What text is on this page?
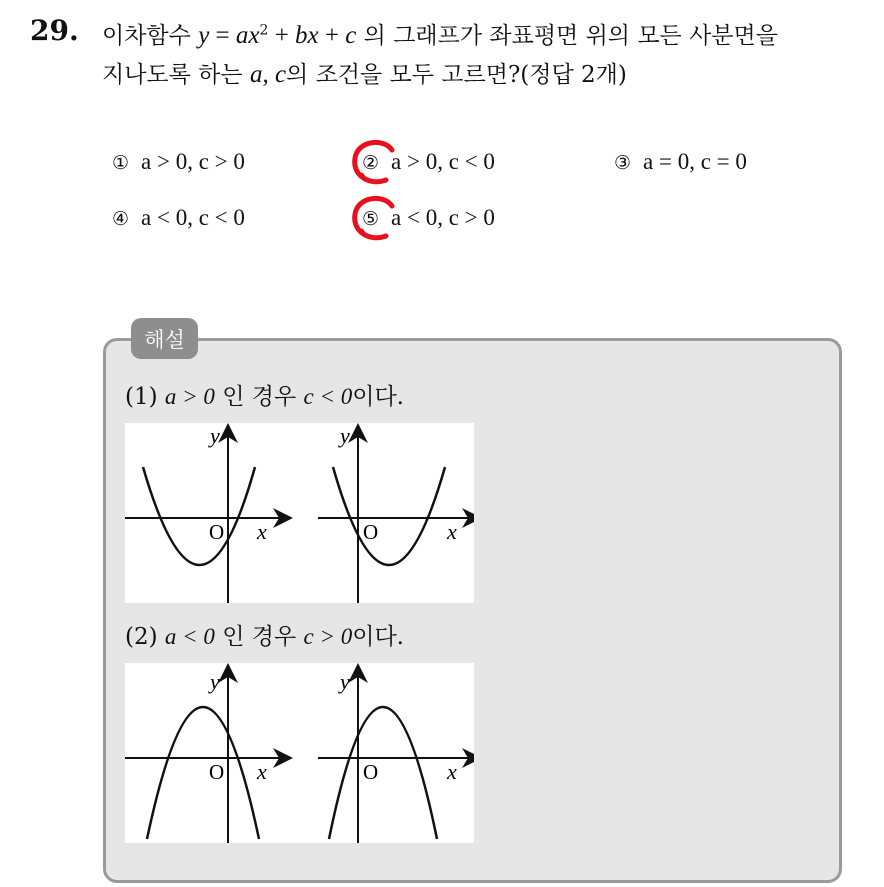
29. 이차함수 $y = ax^2$ + bx + c 의 그래프가 좌표평면 위의 모든 사분면을
지나도록 하는 a, c의 조건을 모두 고르면?(정답 2개)
① a > 0, c > 0	② a > 0, c < 0	③ a = 0, c = 0
④ a < 0, c < 0	⑤ a < 0, c > 0
해설
(1) a > 0 인 경우 c < 0이다.
y
O x
y
O	x
(2) a < 0 인 경우 c > 0이다.
y
O x
y
O	x
